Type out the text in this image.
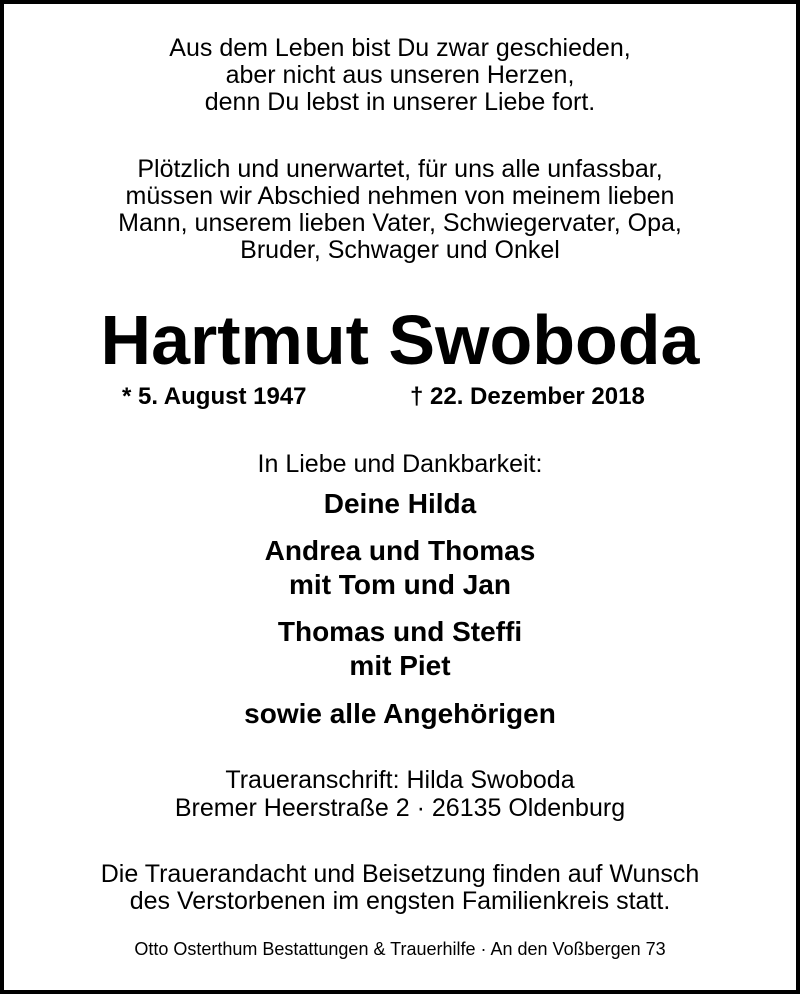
Aus dem Leben bist Du zwar geschieden,
aber nicht aus unseren Herzen,
denn Du lebst in unserer Liebe fort.
Plötzlich und unerwartet, für uns alle unfassbar,
müssen wir Abschied nehmen von meinem lieben
Mann, unserem lieben Vater, Schwiegervater, Opa,
Bruder, Schwager und Onkel
Hartmut Swoboda
* 5. August 1947	† 22. Dezember 2018
In Liebe und Dankbarkeit:
Deine Hilda
Andrea und Thomas
mit Tom und Jan
Thomas und Steffi
mit Piet
sowie alle Angehörigen
Traueranschrift: Hilda Swoboda
Bremer Heerstraße 2 · 26135 Oldenburg
Die Trauerandacht und Beisetzung finden auf Wunsch
des Verstorbenen im engsten Familienkreis statt.
Otto Osterthum Bestattungen & Trauerhilfe · An den Voßbergen 73
